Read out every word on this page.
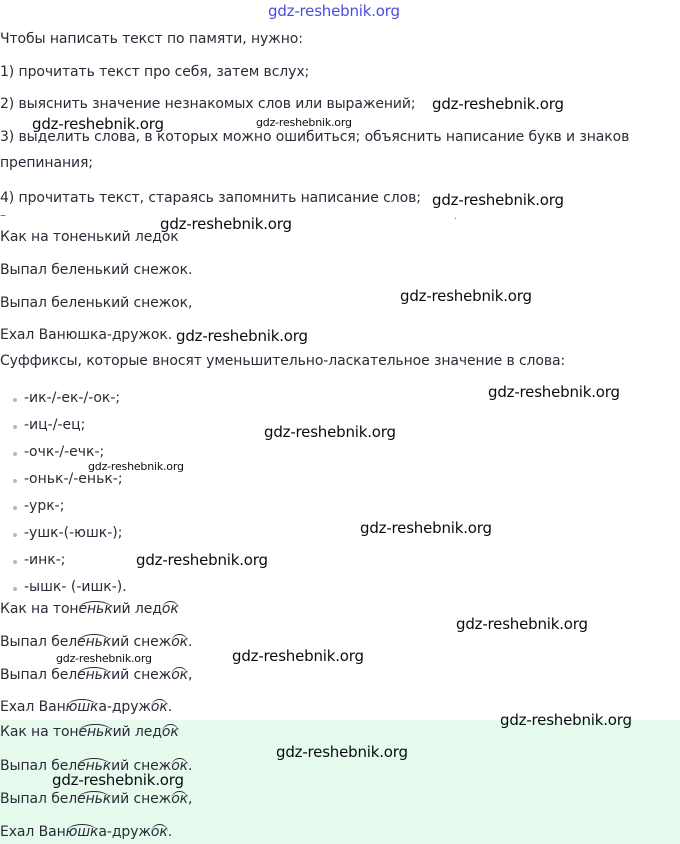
gdz-reshebnik.org
Чтобы написать текст по памяти, нужно:
1) прочитать текст про себя, затем вслух;
2) выяснить значение незнакомых слов или выражений;
3) выделить слова, в которых можно ошибиться; объяснить написание букв и знаков
препинания;
4) прочитать текст, стараясь запомнить написание слов;
–	·
Как на тоненький ледок
Выпал беленький снежок.
Выпал беленький снежок,
Ехал Ванюшка-дружок.
Суффиксы, которые вносят уменьшительно-ласкательное значение в слова:
-ик-/-ек-/-ок-;
-иц-/-ец;
-очк-/-ечк-;
-оньк-/-еньк-;
-урк-;
-ушк-(-юшк-);
-инк-;
-ышк- (-ишк-).
Как на тоненький ледок
Выпал беленький снежок.
Выпал беленький снежок,
Ехал Ванюшка-дружок.
Как на тоненький ледок
Выпал беленький снежок.
Выпал беленький снежок,
Ехал Ванюшка-дружок.
gdz-reshebnik.org
gdz-reshebnik.org	gdz-reshebnik.org
gdz-reshebnik.org
gdz-reshebnik.org
gdz-reshebnik.org
gdz-reshebnik.org
gdz-reshebnik.org
gdz-reshebnik.org
gdz-reshebnik.org
gdz-reshebnik.org
gdz-reshebnik.org
gdz-reshebnik.org
gdz-reshebnik.org	gdz-reshebnik.org
gdz-reshebnik.org
gdz-reshebnik.org
gdz-reshebnik.org
